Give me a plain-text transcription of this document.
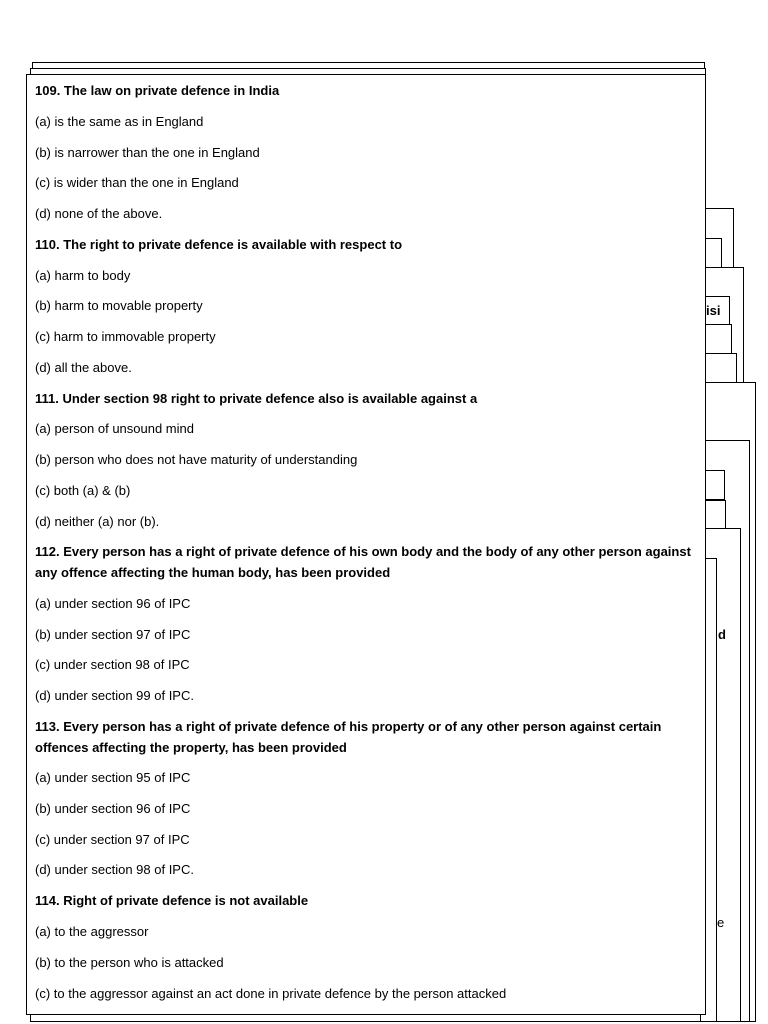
isi
d
e
109. The law on private defence in India
(a) is the same as in England
(b) is narrower than the one in England
(c) is wider than the one in England
(d) none of the above.
110. The right to private defence is available with respect to
(a) harm to body
(b) harm to movable property
(c) harm to immovable property
(d) all the above.
111. Under section 98 right to private defence also is available against a
(a) person of unsound mind
(b) person who does not have maturity of understanding
(c) both (a) & (b)
(d) neither (a) nor (b).
112. Every person has a right of private defence of his own body and the body of any other person against any offence affecting the human body, has been provided
(a) under section 96 of IPC
(b) under section 97 of IPC
(c) under section 98 of IPC
(d) under section 99 of IPC.
113. Every person has a right of private defence of his property or of any other person against certain offences affecting the property, has been provided
(a) under section 95 of IPC
(b) under section 96 of IPC
(c) under section 97 of IPC
(d) under section 98 of IPC.
114. Right of private defence is not available
(a) to the aggressor
(b) to the person who is attacked
(c) to the aggressor against an act done in private defence by the person attacked
